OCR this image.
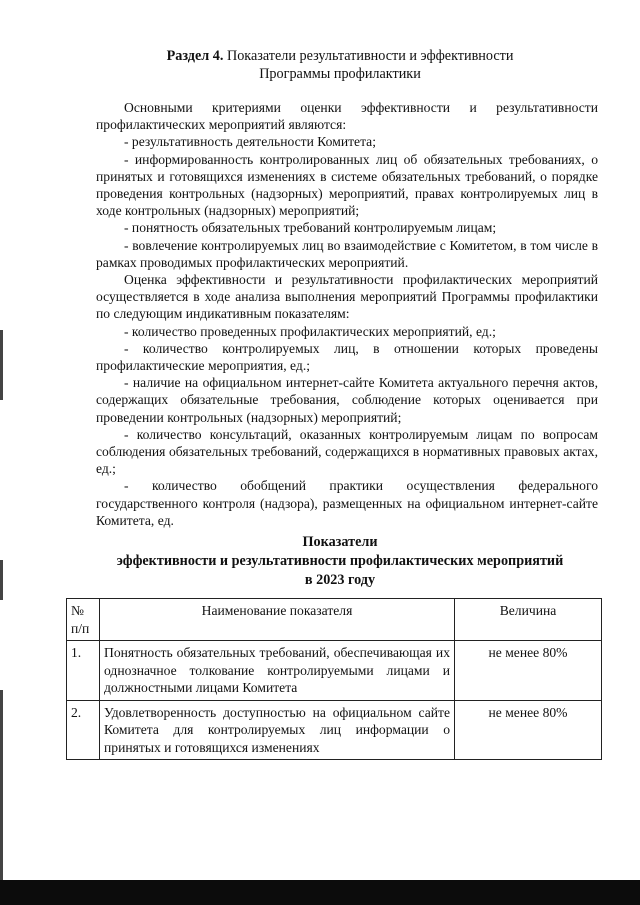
Раздел 4. Показатели результативности и эффективности
Программы профилактики

Основными критериями оценки эффективности и результативности профилактических мероприятий являются:

- результативность деятельности Комитета;

- информированность контролированных лиц об обязательных требованиях, о принятых и готовящихся изменениях в системе обязательных требований, о порядке проведения контрольных (надзорных) мероприятий, правах контролируемых лиц в ходе контрольных (надзорных) мероприятий;

- понятность обязательных требований контролируемым лицам;

- вовлечение контролируемых лиц во взаимодействие с Комитетом, в том числе в рамках проводимых профилактических мероприятий.

Оценка эффективности и результативности профилактических мероприятий осуществляется в ходе анализа выполнения мероприятий Программы профилактики по следующим индикативным показателям:

- количество проведенных профилактических мероприятий, ед.;

- количество контролируемых лиц, в отношении которых проведены профилактические мероприятия, ед.;

- наличие на официальном интернет-сайте Комитета актуального перечня актов, содержащих обязательные требования, соблюдение которых оценивается при проведении контрольных (надзорных) мероприятий;

- количество консультаций, оказанных контролируемым лицам по вопросам соблюдения обязательных требований, содержащихся в нормативных правовых актах, ед.;

- количество обобщений практики осуществления федерального государственного контроля (надзора), размещенных на официальном интернет-сайте Комитета, ед.

Показатели
эффективности и результативности профилактических мероприятий
в 2023 году
№ п/п	Наименование показателя	Величина
1.	Понятность обязательных требований, обеспечивающая их однозначное толкование контролируемыми лицами и должностными лицами Комитета	не менее 80%
2.	Удовлетворенность доступностью на официальном сайте Комитета для контролируемых лиц информации о принятых и готовящихся изменениях	не менее 80%
